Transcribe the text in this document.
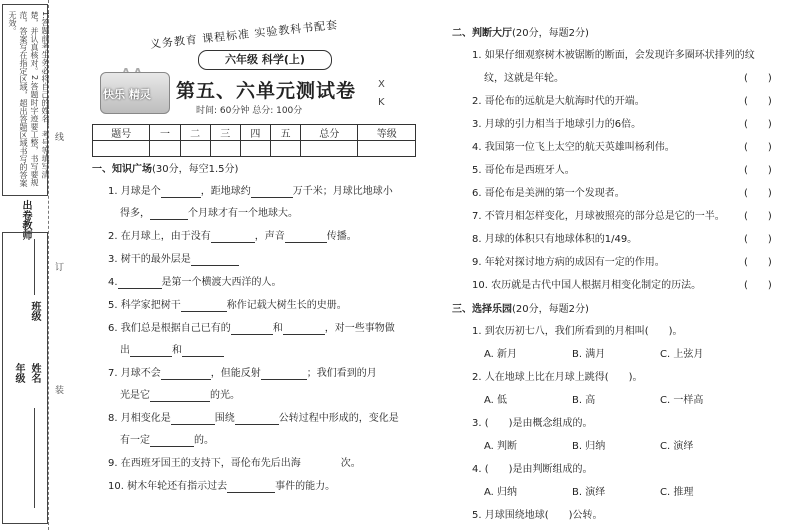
1.答题前考生务必将自己的姓名、考号等填写清楚，并认真核对。2.答题时字迹要工整，书写要规范，答案写在指定区域，超出答题区域书写的答案无效。
线
订
装
出卷教师
班级
年级 姓名
义务教育 课程标准 实验教科书配套
六年级 科学(上)
快乐 精灵 第五、六单元测试卷
时间: 60分钟 总分: 100分
X
K
题号	一	二	三	四	五	总分	等级

一、知识广场(30分，每空1.5分)
1. 月球是个	，距地球约	万千米；月球比地球小
得多，	个月球才有一个地球大。
2. 在月球上，由于没有	，声音	传播。
3. 树干的最外层是
4.	是第一个横渡大西洋的人。
5. 科学家把树干	称作记载大树生长的史册。
6. 我们总是根据自己已有的	和	，对一些事物做
出	和
7. 月球不会	，但能反射	；我们看到的月
光是它	的光。
8. 月相变化是	围绕	公转过程中形成的，变化是
有一定	的。
9. 在西班牙国王的支持下，哥伦布先后出海	次。
10. 树木年轮还有指示过去	事件的能力。
二、判断大厅(20分，每题2分)
1. 如果仔细观察树木被锯断的断面，会发现许多圈环状排列的纹
纹，这就是年轮。	(　　)
2. 哥伦布的远航是大航海时代的开端。	(　　)
3. 月球的引力相当于地球引力的6倍。	(　　)
4. 我国第一位飞上太空的航天英雄叫杨利伟。	(　　)
5. 哥伦布是西班牙人。	(　　)
6. 哥伦布是美洲的第一个发现者。	(　　)
7. 不管月相怎样变化，月球被照亮的部分总是它的一半。 (　　)
8. 月球的体积只有地球体积的1/49。	(　　)
9. 年轮对探讨地方病的成因有一定的作用。	(　　)
10. 农历就是古代中国人根据月相变化制定的历法。	(　　)
三、选择乐园(20分，每题2分)
1. 到农历初七八，我们所看到的月相叫(　　)。
A. 新月	B. 满月	C. 上弦月
2. 人在地球上比在月球上跳得(　　)。
A. 低	B. 高	C. 一样高
3. (　　)是由概念组成的。
A. 判断	B. 归纳	C. 演绎
4. (　　)是由判断组成的。
A. 归纳	B. 演绎	C. 推理
5. 月球围绕地球(　　)公转。
